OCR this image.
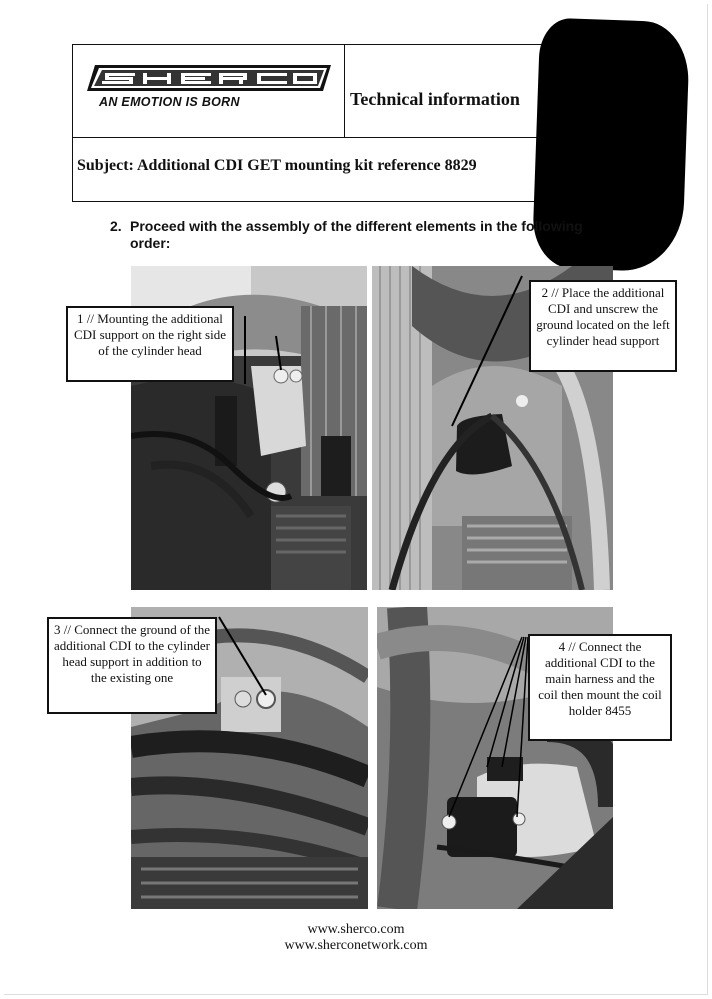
AN EMOTION IS BORN	Technical information
Subject: Additional CDI GET mounting kit reference 8829
2. Proceed with the assembly of the different elements in the following order:
1 // Mounting the additional CDI support on the right side of the cylinder head
2 // Place the additional CDI and unscrew the ground located on the left cylinder head support
3 // Connect the ground of the additional CDI to the cylinder head support in addition to the existing one
4 // Connect the additional CDI to the main harness and the coil then mount the coil holder 8455
www.sherco.com
www.sherconetwork.com
